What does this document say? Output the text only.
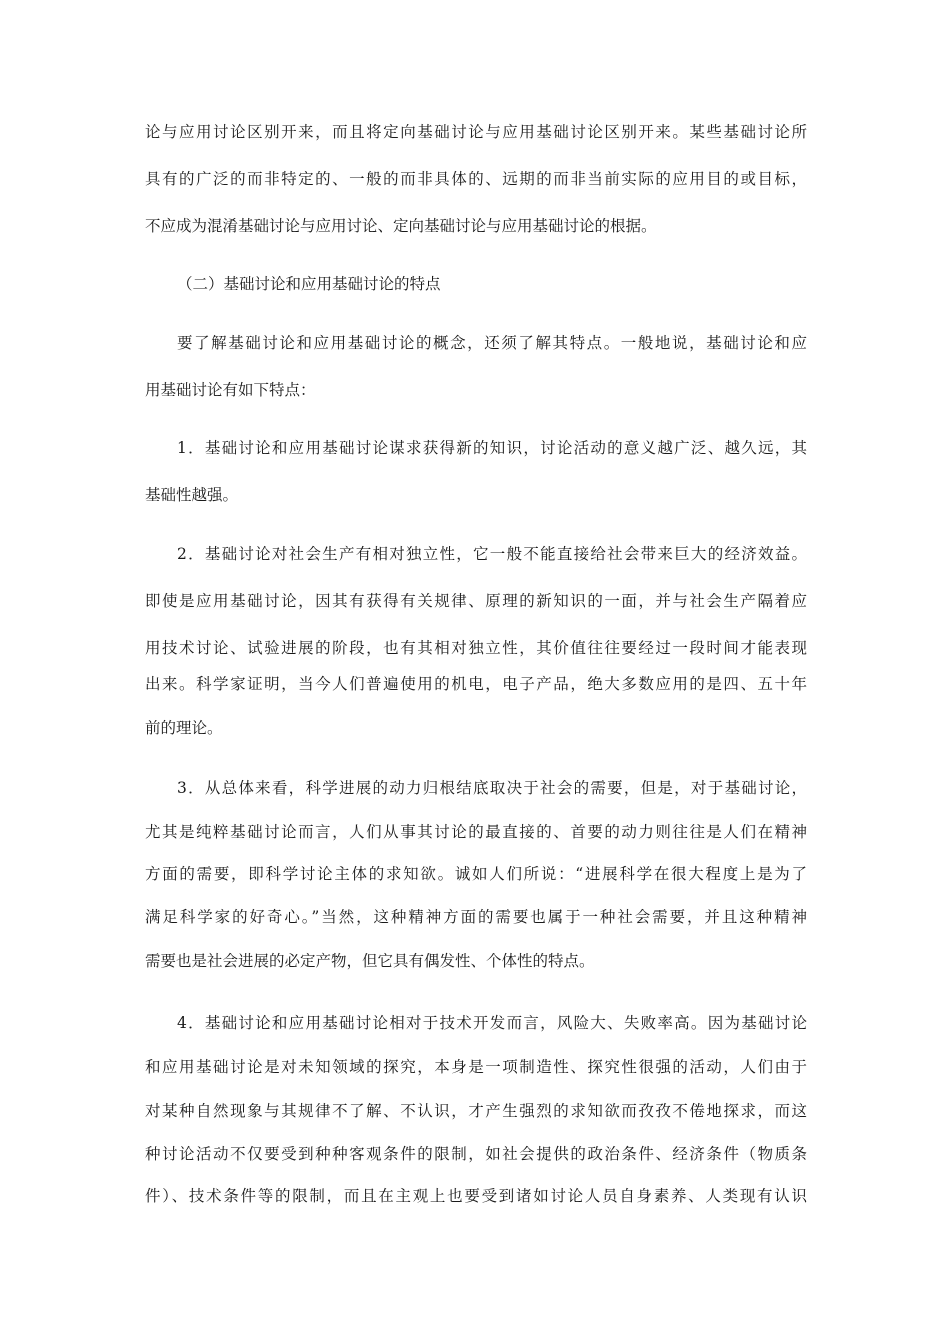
论与应用讨论区别开来，而且将定向基础讨论与应用基础讨论区别开来。某些基础讨论所
具有的广泛的而非特定的、一般的而非具体的、远期的而非当前实际的应用目的或目标，
不应成为混淆基础讨论与应用讨论、定向基础讨论与应用基础讨论的根据。
（二）基础讨论和应用基础讨论的特点
要了解基础讨论和应用基础讨论的概念，还须了解其特点。一般地说，基础讨论和应
用基础讨论有如下特点：
1．基础讨论和应用基础讨论谋求获得新的知识，讨论活动的意义越广泛、越久远，其
基础性越强。
2．基础讨论对社会生产有相对独立性，它一般不能直接给社会带来巨大的经济效益。
即使是应用基础讨论，因其有获得有关规律、原理的新知识的一面，并与社会生产隔着应
用技术讨论、试验进展的阶段，也有其相对独立性，其价值往往要经过一段时间才能表现
出来。科学家证明，当今人们普遍使用的机电，电子产品，绝大多数应用的是四、五十年
前的理论。
3．从总体来看，科学进展的动力归根结底取决于社会的需要，但是，对于基础讨论，
尤其是纯粹基础讨论而言，人们从事其讨论的最直接的、首要的动力则往往是人们在精神
方面的需要，即科学讨论主体的求知欲。诚如人们所说：“进展科学在很大程度上是为了
满足科学家的好奇心。”当然，这种精神方面的需要也属于一种社会需要，并且这种精神
需要也是社会进展的必定产物，但它具有偶发性、个体性的特点。
4．基础讨论和应用基础讨论相对于技术开发而言，风险大、失败率高。因为基础讨论
和应用基础讨论是对未知领域的探究，本身是一项制造性、探究性很强的活动，人们由于
对某种自然现象与其规律不了解、不认识，才产生强烈的求知欲而孜孜不倦地探求，而这
种讨论活动不仅要受到种种客观条件的限制，如社会提供的政治条件、经济条件（物质条
件）、技术条件等的限制，而且在主观上也要受到诸如讨论人员自身素养、人类现有认识
